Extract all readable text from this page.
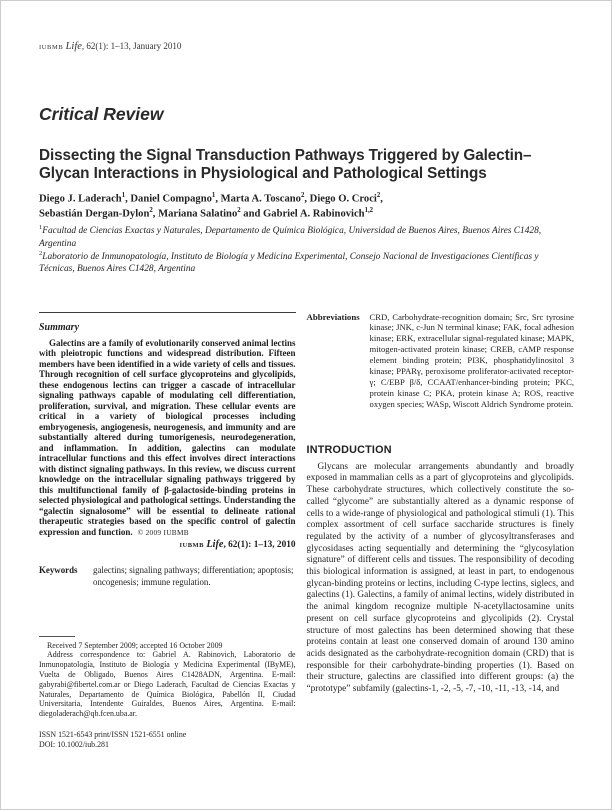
IUBMB Life, 62(1): 1–13, January 2010
Critical Review
Dissecting the Signal Transduction Pathways Triggered by Galectin–
Glycan Interactions in Physiological and Pathological Settings
Diego J. Laderach$^1$, Daniel Compagno$^1$, Marta A. Toscano$^2$, Diego O. Croci$^2$,
Sebastián Dergan-Dylon$^2$, Mariana Salatino$^2$ and Gabriel A. Rabinovich$^{1,2}$
$^1$Facultad de Ciencias Exactas y Naturales, Departamento de Química Biológica, Universidad de Buenos Aires, Buenos Aires C1428, Argentina
$^2$Laboratorio de Inmunopatología, Instituto de Biología y Medicina Experimental, Consejo Nacional de Investigaciones Científicas y Técnicas, Buenos Aires C1428, Argentina
Summary
Galectins are a family of evolutionarily conserved animal lectins with pleiotropic functions and widespread distribution. Fifteen members have been identified in a wide variety of cells and tissues. Through recognition of cell surface glycoproteins and glycolipids, these endogenous lectins can trigger a cascade of intracellular signaling pathways capable of modulating cell differentiation, proliferation, survival, and migration. These cellular events are critical in a variety of biological processes including embryogenesis, angiogenesis, neurogenesis, and immunity and are substantially altered during tumorigenesis, neurodegeneration, and inflammation. In addition, galectins can modulate intracellular functions and this effect involves direct interactions with distinct signaling pathways. In this review, we discuss current knowledge on the intracellular signaling pathways triggered by this multifunctional family of β-galactoside-binding proteins in selected physiological and pathological settings. Understanding the “galectin signalosome” will be essential to delineate rational therapeutic strategies based on the specific control of galectin expression and function. © 2009 IUBMB
IUBMB Life, 62(1): 1–13, 2010
Keywords	galectins; signaling pathways; differentiation; apoptosis; oncogenesis; immune regulation.
Received 7 September 2009; accepted 16 October 2009
Address correspondence to: Gabriel A. Rabinovich, Laboratorio de Inmunopatología, Instituto de Biología y Medicina Experimental (IByME), Vuelta de Obligado, Buenos Aires C1428ADN, Argentina. E-mail: gabyrabi@fibertel.com.ar or Diego Laderach, Facultad de Ciencias Exactas y Naturales, Departamento de Química Biológica, Pabellón II, Ciudad Universitaria, Intendente Guiraldes, Buenos Aires, Argentina. E-mail: diegoladerach@qb.fcen.uba.ar.
ISSN 1521-6543 print/ISSN 1521-6551 online
DOI: 10.1002/iub.281
Abbreviations	CRD, Carbohydrate-recognition domain; Src, Src tyrosine kinase; JNK, c-Jun N terminal kinase; FAK, focal adhesion kinase; ERK, extracellular signal-regulated kinase; MAPK, mitogen-activated protein kinase; CREB, cAMP response element binding protein; PI3K, phosphatidylinositol 3 kinase; PPARγ, peroxisome proliferator-activated receptor-γ; C/EBP β/δ, CCAAT/enhancer-binding protein; PKC, protein kinase C; PKA, protein kinase A; ROS, reactive oxygen species; WASp, Wiscott Aldrich Syndrome protein.
INTRODUCTION
Glycans are molecular arrangements abundantly and broadly exposed in mammalian cells as a part of glycoproteins and glycolipids. These carbohydrate structures, which collectively constitute the so-called “glycome” are substantially altered as a dynamic response of cells to a wide-range of physiological and pathological stimuli (1). This complex assortment of cell surface saccharide structures is finely regulated by the activity of a number of glycosyltransferases and glycosidases acting sequentially and determining the “glycosylation signature” of different cells and tissues. The responsibility of decoding this biological information is assigned, at least in part, to endogenous glycan-binding proteins or lectins, including C-type lectins, siglecs, and galectins (1). Galectins, a family of animal lectins, widely distributed in the animal kingdom recognize multiple N-acetyllactosamine units present on cell surface glycoproteins and glycolipids (2). Crystal structure of most galectins has been determined showing that these proteins contain at least one conserved domain of around 130 amino acids designated as the carbohydrate-recognition domain (CRD) that is responsible for their carbohydrate-binding properties (1). Based on their structure, galectins are classified into different groups: (a) the “prototype” subfamily (galectins-1, -2, -5, -7, -10, -11, -13, -14, and
